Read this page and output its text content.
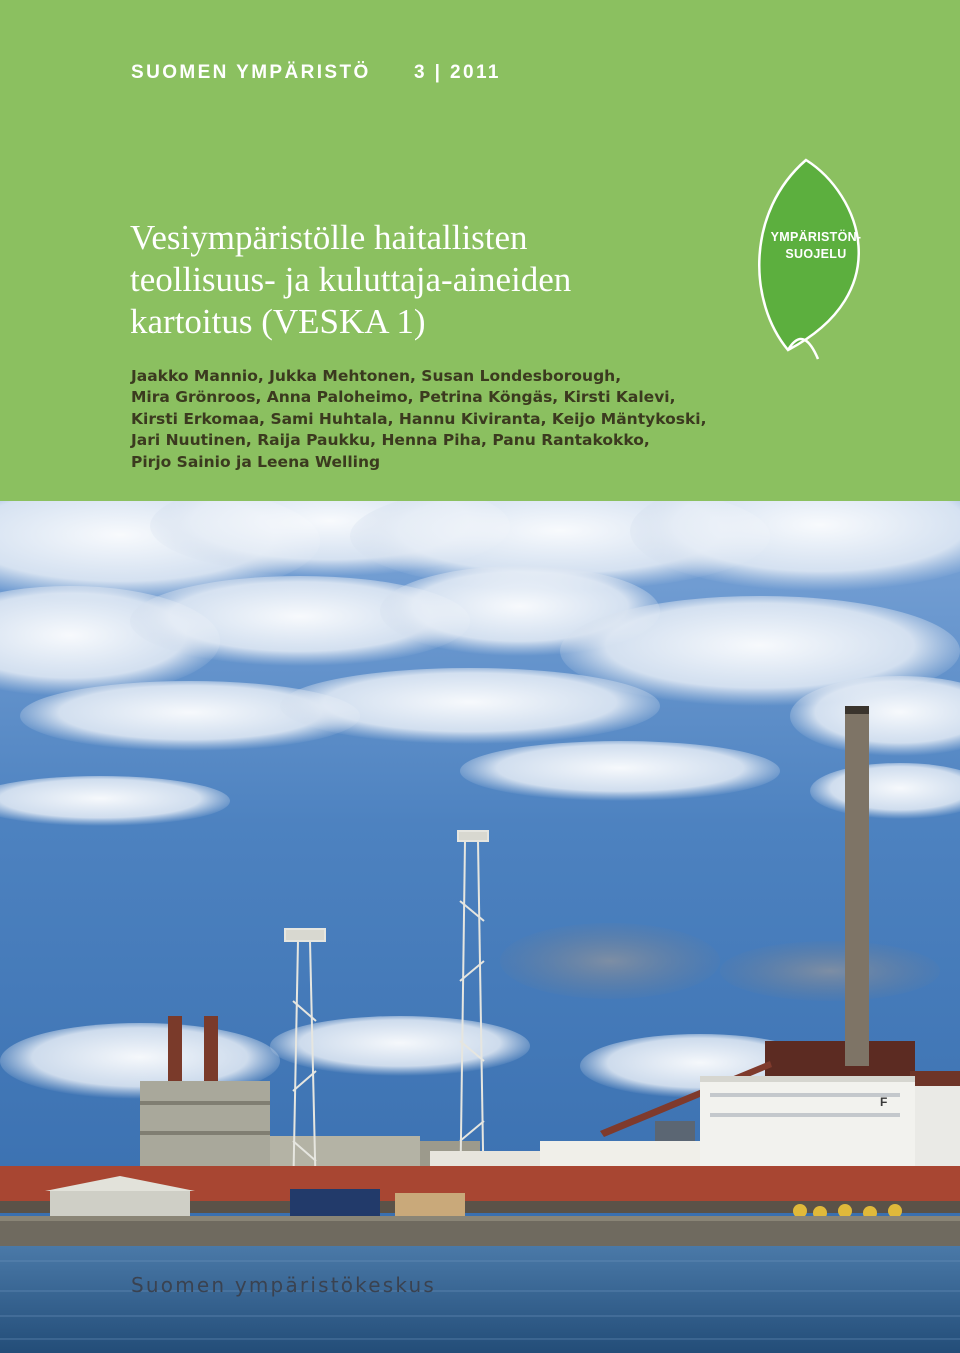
SUOMEN YMPÄRISTÖ 3 | 2011
Vesiympäristölle haitallisten
teollisuus- ja kuluttaja-aineiden
kartoitus (VESKA 1)

Jaakko Mannio, Jukka Mehtonen, Susan Londesborough,
Mira Grönroos, Anna Paloheimo, Petrina Köngäs, Kirsti Kalevi,
Kirsti Erkomaa, Sami Huhtala, Hannu Kiviranta, Keijo Mäntykoski,
Jari Nuutinen, Raija Paukku, Henna Piha, Panu Rantakokko,
Pirjo Sainio ja Leena Welling

YMPÄRISTÖN-
SUOJELU
F
Suomen ympäristökeskus
